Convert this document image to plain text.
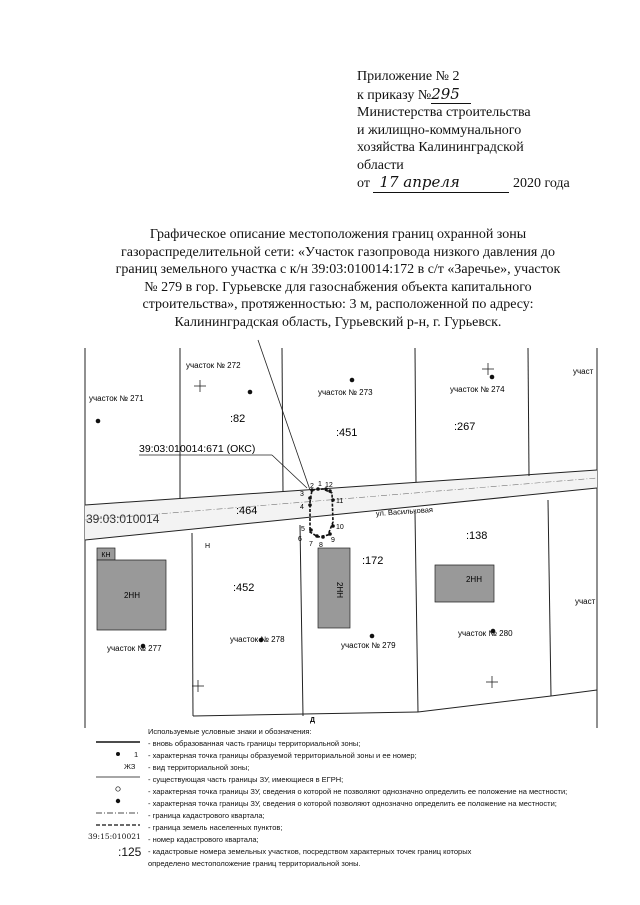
Приложение № 2
к приказу №295
Министерства строительства
и жилищно-коммунального
хозяйства Калининградской
области
от 17 апреля	2020 года
Графическое описание местоположения границ охранной зоны
газораспределительной сети: «Участок газопровода низкого давления до
границ земельного участка с к/н 39:03:010014:172 в с/т «Заречье», участок
№ 279 в гор. Гурьевске для газоснабжения объекта капитального
строительства», протяженностью: 3 м, расположенной по адресу:
Калининградская область, Гурьевский р-н, г. Гурьевск.
КН
2НН	2НН
2НН
участок № 271
участок № 272
участок № 273	участок № 274
участок № 277
участок № 278
участок № 279
участок № 280
участ
участ
:82
:451	:267
:464
:452
:172
:138
39:03:010014:671 (ОКС)
39:03:010014
ул. Васильковая
Н
Д
1
2
3
4
5
6
7 8
9
10
11
12
Используемые условные знаки и обозначения:
1
ЖЗ
39:15:010021
:125
- вновь образованная часть границы территориальной зоны;
- характерная точка границы образуемой территориальной зоны и ее номер;
- вид территориальной зоны;
- существующая часть границы ЗУ, имеющиеся в ЕГРН;
- характерная точка границы ЗУ, сведения о которой не позволяют однозначно определить ее положение на местности;
- характерная точка границы ЗУ, сведения о которой позволяют однозначно определить ее положение на местности;
- граница кадастрового квартала;
- граница земель населенных пунктов;
- номер кадастрового квартала;
- кадастровые номера земельных участков, посредством характерных точек границ которых
определено местоположение границ территориальной зоны.
